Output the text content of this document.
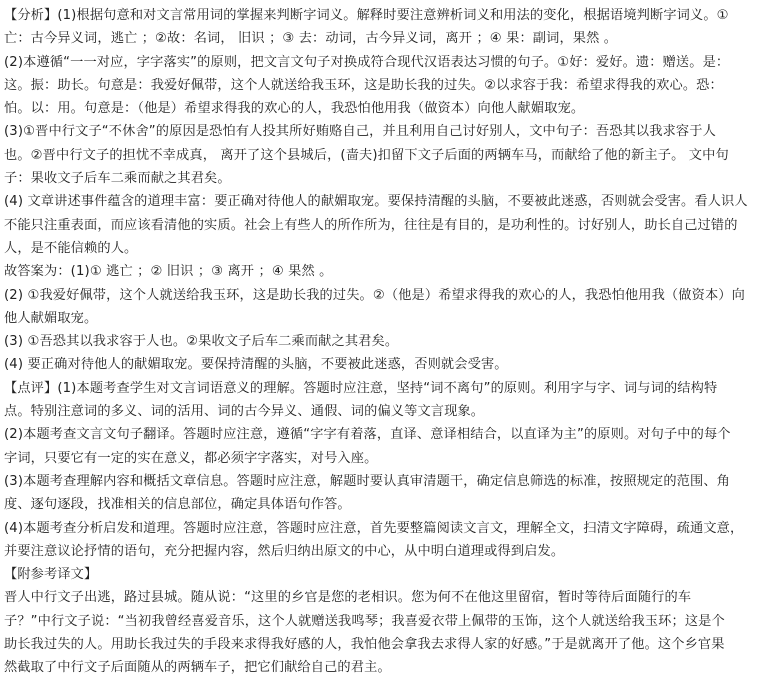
【分析】(1)根据句意和对文言常用词的掌握来判断字词义。解释时要注意辨析词义和用法的变化，根据语境判断字词义。①
亡：古今异义词，逃亡 ；②故：名词， 旧识 ；③ 去：动词，古今异义词，离开 ；④ 果：副词，果然 。
(2)本遵循“一一对应，字字落实”的原则，把文言文句子对换成符合现代汉语表达习惯的句子。①好：爱好。遗：赠送。是：
这。振：助长。句意是：我爱好佩带，这个人就送给我玉环，这是助长我的过失。②以求容于我：希望求得我的欢心。恐：
怕。以：用。句意是：（他是）希望求得我的欢心的人，我恐怕他用我（做资本）向他人献媚取宠。
(3)①晋中行文子“不休舍”的原因是恐怕有人投其所好贿赂自己，并且利用自己讨好别人，文中句子：吾恐其以我求容于人
也。②晋中行文子的担忧不幸成真， 离开了这个县城后，(啬夫)扣留下文子后面的两辆车马，而献给了他的新主子。 文中句
子：果收文子后车二乘而献之其君矣。
(4) 文章讲述事件蕴含的道理丰富：要正确对待他人的献媚取宠。要保持清醒的头脑，不要被此迷惑，否则就会受害。看人识人
不能只注重表面，而应该看清他的实质。社会上有些人的所作所为，往往是有目的，是功利性的。讨好别人，助长自己过错的
人，是不能信赖的人。
故答案为：(1)① 逃亡 ；② 旧识 ；③ 离开 ；④ 果然 。
(2) ①我爱好佩带，这个人就送给我玉环，这是助长我的过失。②（他是）希望求得我的欢心的人，我恐怕他用我（做资本）向
他人献媚取宠。
(3) ①吾恐其以我求容于人也。②果收文子后车二乘而献之其君矣。
(4) 要正确对待他人的献媚取宠。要保持清醒的头脑，不要被此迷惑，否则就会受害。
【点评】(1)本题考查学生对文言词语意义的理解。答题时应注意，坚持“词不离句”的原则。利用字与字、词与词的结构特
点。特别注意词的多义、词的活用、词的古今异义、通假、词的偏义等文言现象。
(2)本题考查文言文句子翻译。答题时应注意，遵循“字字有着落，直译、意译相结合，以直译为主”的原则。对句子中的每个
字词，只要它有一定的实在意义，都必须字字落实，对号入座。
(3)本题考查理解内容和概括文章信息。答题时应注意，解题时要认真审清题干，确定信息筛选的标准，按照规定的范围、角
度、逐句逐段，找准相关的信息部位，确定具体语句作答。
(4)本题考查分析启发和道理。答题时应注意，答题时应注意，首先要整篇阅读文言文，理解全文，扫清文字障碍，疏通文意，
并要注意议论抒情的语句，充分把握内容，然后归纳出原文的中心，从中明白道理或得到启发。
【附参考译文】
晋人中行文子出逃，路过县城。随从说：“这里的乡官是您的老相识。您为何不在他这里留宿，暂时等待后面随行的车
子？”中行文子说：“当初我曾经喜爱音乐，这个人就赠送我鸣琴；我喜爱衣带上佩带的玉饰，这个人就送给我玉环；这是个
助长我过失的人。用助长我过失的手段来求得我好感的人，我怕他会拿我去求得人家的好感。”于是就离开了他。这个乡官果
然截取了中行文子后面随从的两辆车子，把它们献给自己的君主。
